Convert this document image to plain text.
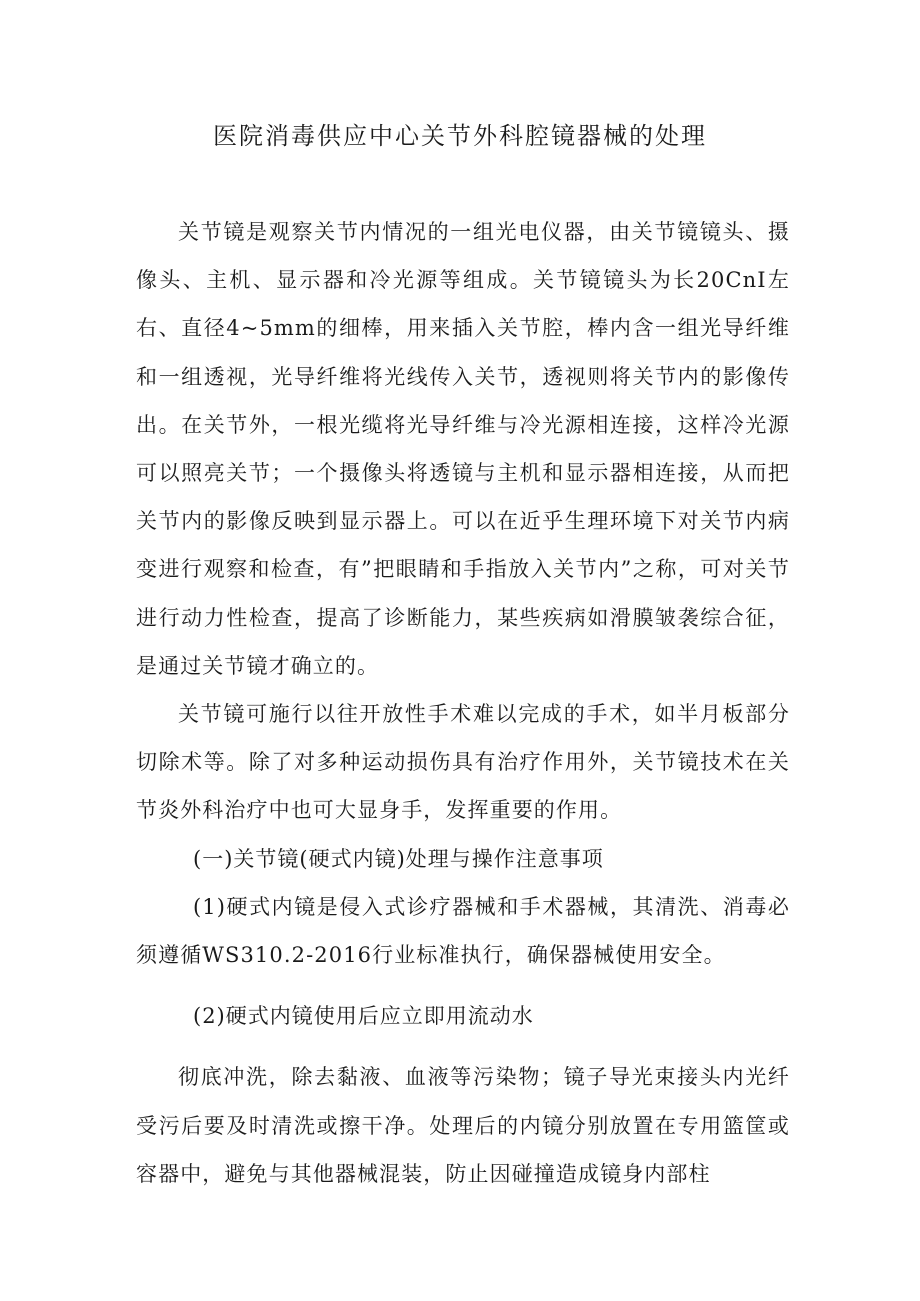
医院消毒供应中心关节外科腔镜器械的处理

关节镜是观察关节内情况的一组光电仪器，由关节镜镜头、摄像头、主机、显示器和冷光源等组成。关节镜镜头为长20CnI左右、直径4~5mm的细棒，用来插入关节腔，棒内含一组光导纤维和一组透视，光导纤维将光线传入关节，透视则将关节内的影像传出。在关节外，一根光缆将光导纤维与冷光源相连接，这样冷光源可以照亮关节；一个摄像头将透镜与主机和显示器相连接，从而把关节内的影像反映到显示器上。可以在近乎生理环境下对关节内病变进行观察和检查，有”把眼睛和手指放入关节内”之称，可对关节进行动力性检查，提高了诊断能力，某些疾病如滑膜皱袭综合征，是通过关节镜才确立的。

关节镜可施行以往开放性手术难以完成的手术，如半月板部分切除术等。除了对多种运动损伤具有治疗作用外，关节镜技术在关节炎外科治疗中也可大显身手，发挥重要的作用。

(一)关节镜(硬式内镜)处理与操作注意事项

(1)硬式内镜是侵入式诊疗器械和手术器械，其清洗、消毒必须遵循WS310.2-2016行业标准执行，确保器械使用安全。

(2)硬式内镜使用后应立即用流动水

彻底冲洗，除去黏液、血液等污染物；镜子导光束接头内光纤受污后要及时清洗或擦干净。处理后的内镜分别放置在专用篮筐或容器中，避免与其他器械混装，防止因碰撞造成镜身内部柱
